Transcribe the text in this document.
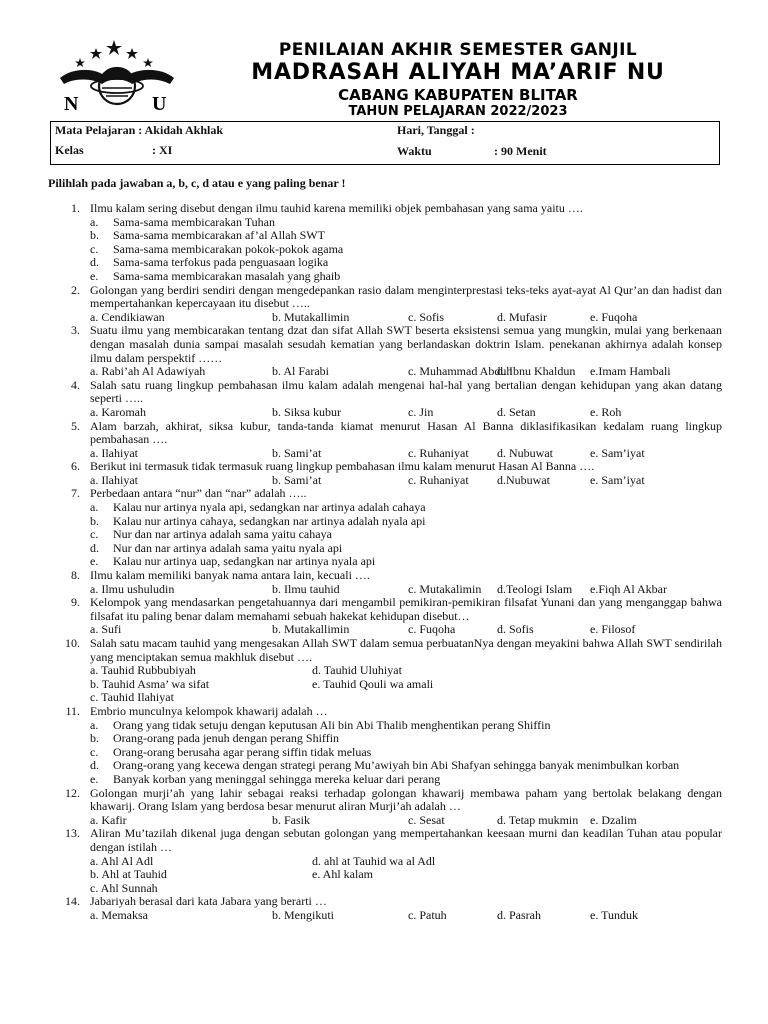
N	U
PENILAIAN AKHIR SEMESTER GANJIL
MADRASAH ALIYAH MA’ARIF NU
CABANG KABUPATEN BLITAR
TAHUN PELAJARAN 2022/2023
Mata Pelajaran : Akidah Akhlak	Hari, Tanggal :
Kelas	: XI	Waktu	: 90 Menit
Pilihlah pada jawaban a, b, c, d atau e yang paling benar !
1. Ilmu kalam sering disebut dengan ilmu tauhid karena memiliki objek pembahasan yang sama yaitu ….
a. Sama-sama membicarakan Tuhan
b. Sama-sama membicarakan af’al Allah SWT
c. Sama-sama membicarakan pokok-pokok agama
d. Sama-sama terfokus pada penguasaan logika
e. Sama-sama membicarakan masalah yang ghaib
2. Golongan yang berdiri sendiri dengan mengedepankan rasio dalam menginterprestasi teks-teks ayat-ayat Al Qur’an dan hadist dan mempertahankan kepercayaan itu disebut …..
a. Cendikiawan	b. Mutakallimin	c. Sofis	d. Mufasir	e. Fuqoha
3. Suatu ilmu yang membicarakan tentang dzat dan sifat Allah SWT beserta eksistensi semua yang mungkin, mulai yang berkenaan dengan masalah dunia sampai masalah sesudah kematian yang berlandaskan doktrin Islam. penekanan akhirnya adalah konsep ilmu dalam perspektif ……
a. Rabi’ah Al Adawiyah	b. Al Farabi	c. Muhammad Abduh
d. Ibnu Khaldun e.Imam Hambali
4. Salah satu ruang lingkup pembahasan ilmu kalam adalah mengenai hal-hal yang bertalian dengan kehidupan yang akan datang seperti …..
a. Karomah	b. Siksa kubur	c. Jin	d. Setan	e. Roh
5. Alam barzah, akhirat, siksa kubur, tanda-tanda kiamat menurut Hasan Al Banna diklasifikasikan kedalam ruang lingkup pembahasan ….
a. Ilahiyat	b. Sami’at	c. Ruhaniyat d. Nubuwat	e. Sam’iyat
6. Berikut ini termasuk tidak termasuk ruang lingkup pembahasan ilmu kalam menurut Hasan Al Banna ….
a. Ilahiyat	b. Sami’at	c. Ruhaniyat d.Nubuwat	e. Sam’iyat
7. Perbedaan antara “nur” dan “nar” adalah …..
a. Kalau nur artinya nyala api, sedangkan nar artinya adalah cahaya
b. Kalau nur artinya cahaya, sedangkan nar artinya adalah nyala api
c. Nur dan nar artinya adalah sama yaitu cahaya
d. Nur dan nar artinya adalah sama yaitu nyala api
e. Kalau nur artinya uap, sedangkan nar artinya nyala api
8. Ilmu kalam memiliki banyak nama antara lain, kecuali ….
a. Ilmu ushuludin	b. Ilmu tauhid	c. Mutakalimin d.Teologi Islam e.Fiqh Al Akbar
9. Kelompok yang mendasarkan pengetahuannya dari mengambil pemikiran-pemikiran filsafat Yunani dan yang menganggap bahwa filsafat itu paling benar dalam memahami sebuah hakekat kehidupan disebut…
a. Sufi	b. Mutakallimin	c. Fuqoha	d. Sofis	e. Filosof
10. Salah satu macam tauhid yang mengesakan Allah SWT dalam semua perbuatanNya dengan meyakini bahwa Allah SWT sendirilah yang menciptakan semua makhluk disebut ….
a. Tauhid Rubbubiyah	d. Tauhid Uluhiyat
b. Tauhid Asma’ wa sifat	e. Tauhid Qouli wa amali
c. Tauhid Ilahiyat
11. Embrio munculnya kelompok khawarij adalah …
a. Orang yang tidak setuju dengan keputusan Ali bin Abi Thalib menghentikan perang Shiffin
b. Orang-orang pada jenuh dengan perang Shiffin
c. Orang-orang berusaha agar perang siffin tidak meluas
d. Orang-orang yang kecewa dengan strategi perang Mu’awiyah bin Abi Shafyan sehingga banyak menimbulkan korban
e. Banyak korban yang meninggal sehingga mereka keluar dari perang
12. Golongan murji’ah yang lahir sebagai reaksi terhadap golongan khawarij membawa paham yang bertolak belakang dengan khawarij. Orang Islam yang berdosa besar menurut aliran Murji’ah adalah …
a. Kafir	b. Fasik	c. Sesat	d. Tetap mukmin e. Dzalim
13. Aliran Mu’tazilah dikenal juga dengan sebutan golongan yang mempertahankan keesaan murni dan keadilan Tuhan atau popular dengan istilah …
a. Ahl Al Adl	d. ahl at Tauhid wa al Adl
b. Ahl at Tauhid	e. Ahl kalam
c. Ahl Sunnah
14. Jabariyah berasal dari kata Jabara yang berarti …
a. Memaksa	b. Mengikuti	c. Patuh	d. Pasrah	e. Tunduk
